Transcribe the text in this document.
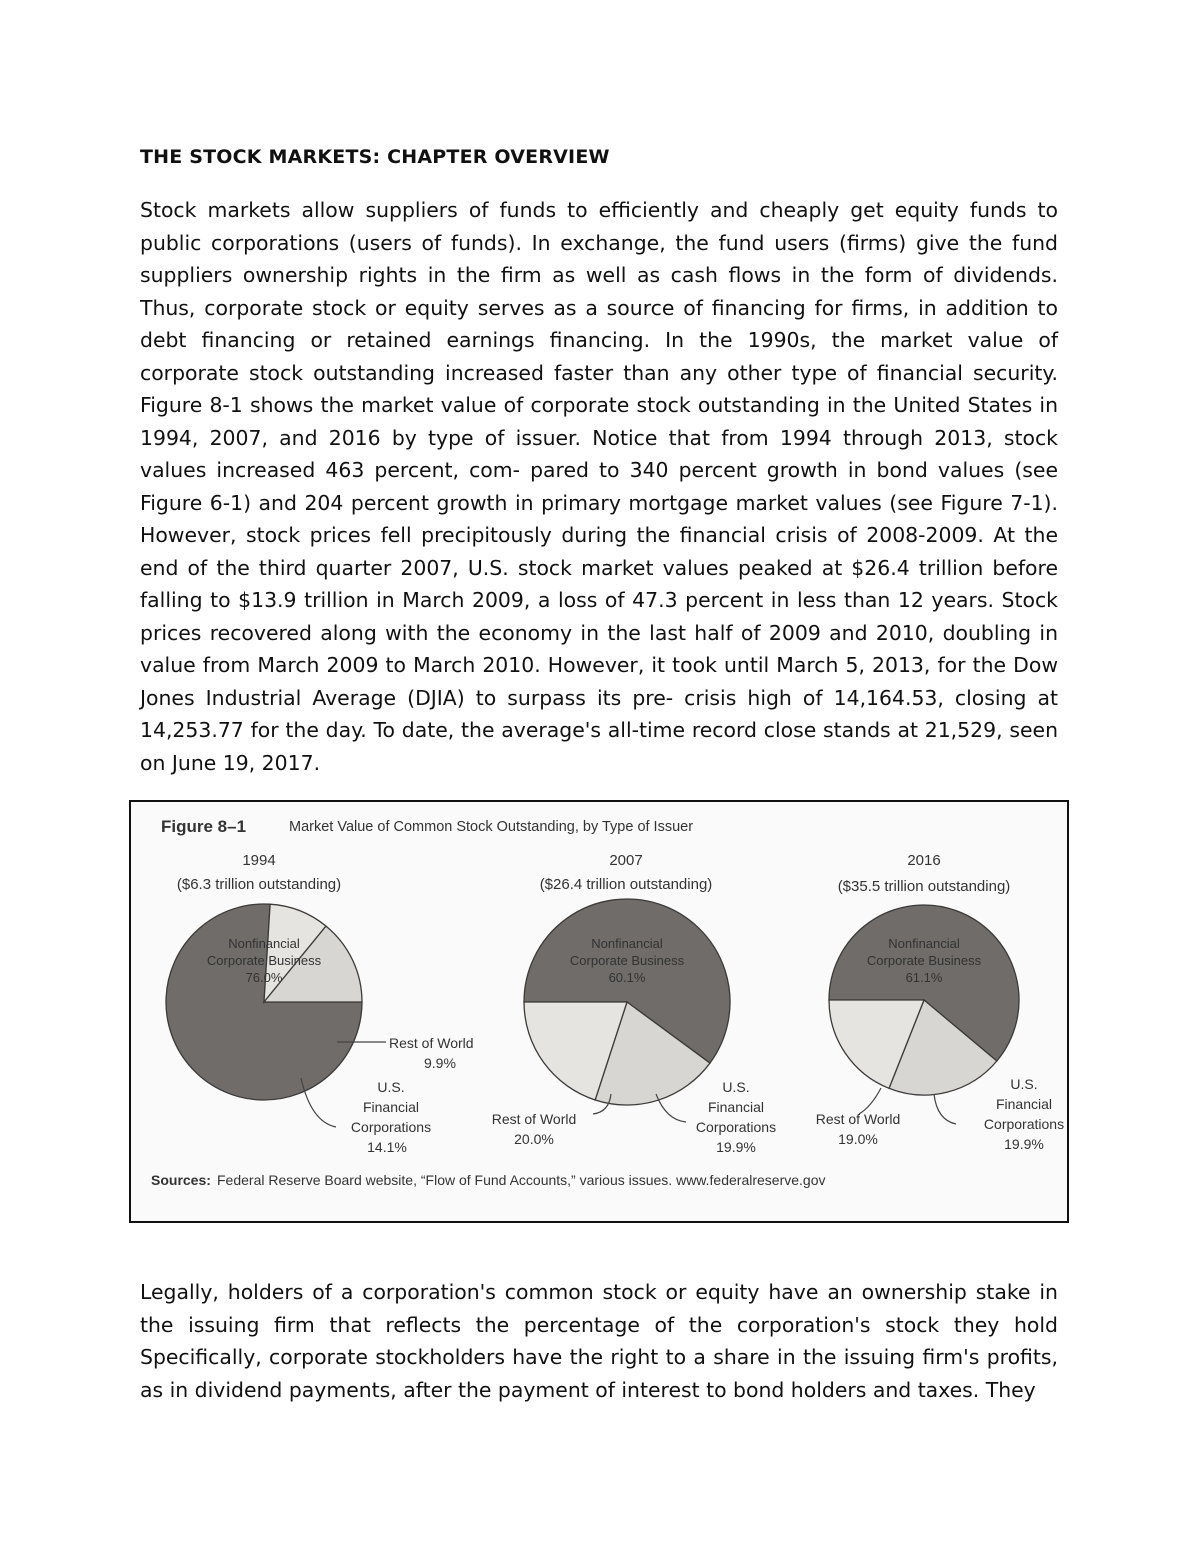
THE STOCK MARKETS: CHAPTER OVERVIEW

Stock markets allow suppliers of funds to efficiently and cheaply get equity funds to public corporations (users of funds). In exchange, the fund users (firms) give the fund suppliers ownership rights in the firm as well as cash flows in the form of dividends. Thus, corporate stock or equity serves as a source of financing for firms, in addition to debt financing or retained earnings financing. In the 1990s, the market value of corporate stock outstanding increased faster than any other type of financial security. Figure 8-1 shows the market value of corporate stock outstanding in the United States in 1994, 2007, and 2016 by type of issuer. Notice that from 1994 through 2013, stock values increased 463 percent, com- pared to 340 percent growth in bond values (see Figure 6-1) and 204 percent growth in primary mortgage market values (see Figure 7-1). However, stock prices fell precipitously during the financial crisis of 2008-2009. At the end of the third quarter 2007, U.S. stock market values peaked at $26.4 trillion before falling to $13.9 trillion in March 2009, a loss of 47.3 percent in less than 12 years. Stock prices recovered along with the economy in the last half of 2009 and 2010, doubling in value from March 2009 to March 2010. However, it took until March 5, 2013, for the Dow Jones Industrial Average (DJIA) to surpass its pre- crisis high of 14,164.53, closing at 14,253.77 for the day. To date, the average's all-time record close stands at 21,529, seen on June 19, 2017.

Figure 8–1	Market Value of Common Stock Outstanding, by Type of Issuer
1994
($6.3 trillion outstanding)
Nonfinancial
Corporate Business
76.0%
Rest of World
9.9%
U.S.
Financial
Corporations
14.1%
2007
($26.4 trillion outstanding)
Nonfinancial
Corporate Business
60.1%
U.S.
Financial
Corporations
19.9%
Rest of World
20.0%
2016
($35.5 trillion outstanding)
Nonfinancial
Corporate Business
61.1%
U.S.
Financial
Corporations
19.9%
Rest of World
19.0%
Sources: Federal Reserve Board website, “Flow of Fund Accounts,” various issues. www.federalreserve.gov

Legally, holders of a corporation's common stock or equity have an ownership stake in the issuing firm that reflects the percentage of the corporation's stock they hold Specifically, corporate stockholders have the right to a share in the issuing firm's profits, as in dividend payments, after the payment of interest to bond holders and taxes. They
